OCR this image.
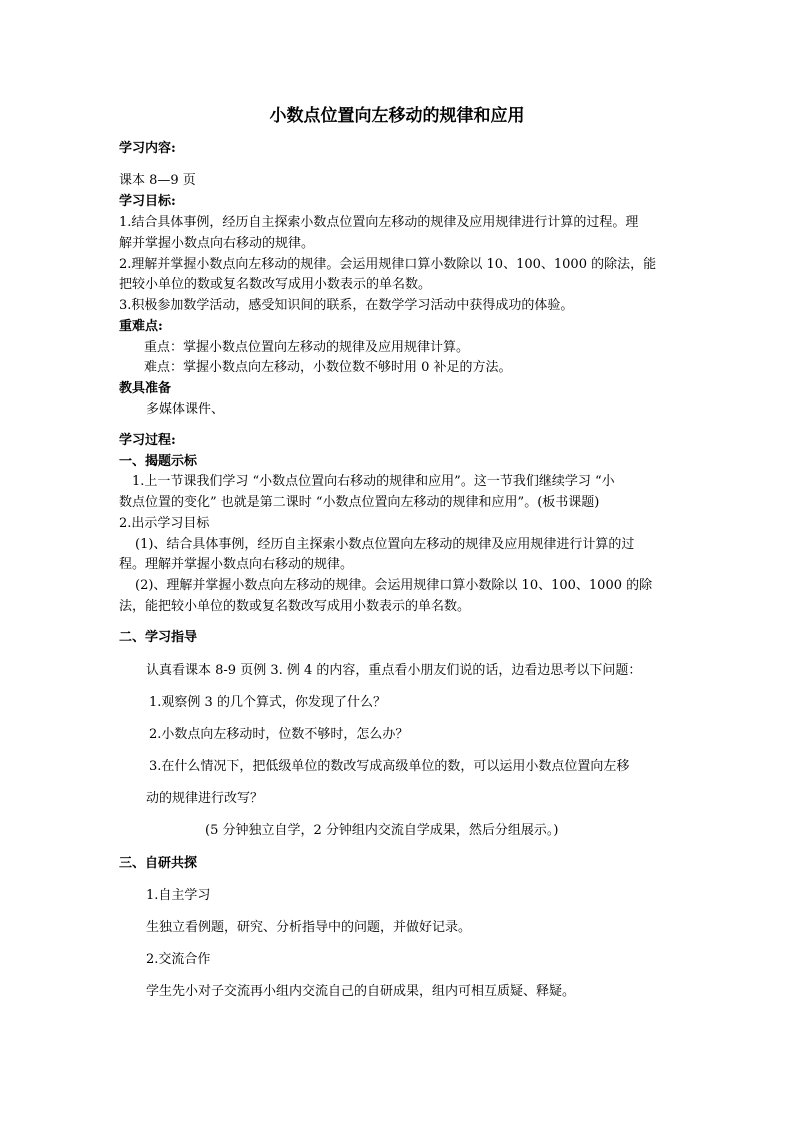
小数点位置向左移动的规律和应用
学习内容:
课本 8—9 页
学习目标:
1.结合具体事例，经历自主探索小数点位置向左移动的规律及应用规律进行计算的过程。理
解并掌握小数点向右移动的规律。
2.理解并掌握小数点向左移动的规律。会运用规律口算小数除以 10、100、1000 的除法，能
把较小单位的数或复名数改写成用小数表示的单名数。
3.积极参加数学活动，感受知识间的联系，在数学学习活动中获得成功的体验。
重难点:
重点：掌握小数点位置向左移动的规律及应用规律计算。
难点：掌握小数点向左移动，小数位数不够时用 0 补足的方法。
教具准备
多媒体课件、
学习过程:
一、揭题示标
1.上一节课我们学习 “小数点位置向右移动的规律和应用”。这一节我们继续学习 “小
数点位置的变化” 也就是第二课时 “小数点位置向左移动的规律和应用”。(板书课题)
2.出示学习目标
(1)、结合具体事例，经历自主探索小数点位置向左移动的规律及应用规律进行计算的过
程。理解并掌握小数点向右移动的规律。
(2)、理解并掌握小数点向左移动的规律。会运用规律口算小数除以 10、100、1000 的除
法，能把较小单位的数或复名数改写成用小数表示的单名数。
二、学习指导
认真看课本 8-9 页例 3. 例 4 的内容，重点看小朋友们说的话，边看边思考以下问题：
1.观察例 3 的几个算式，你发现了什么？
2.小数点向左移动时，位数不够时，怎么办？
3.在什么情况下，把低级单位的数改写成高级单位的数，可以运用小数点位置向左移
动的规律进行改写？
(5 分钟独立自学，2 分钟组内交流自学成果，然后分组展示。)
三、自研共探
1.自主学习
生独立看例题，研究、分析指导中的问题，并做好记录。
2.交流合作
学生先小对子交流再小组内交流自己的自研成果，组内可相互质疑、释疑。
